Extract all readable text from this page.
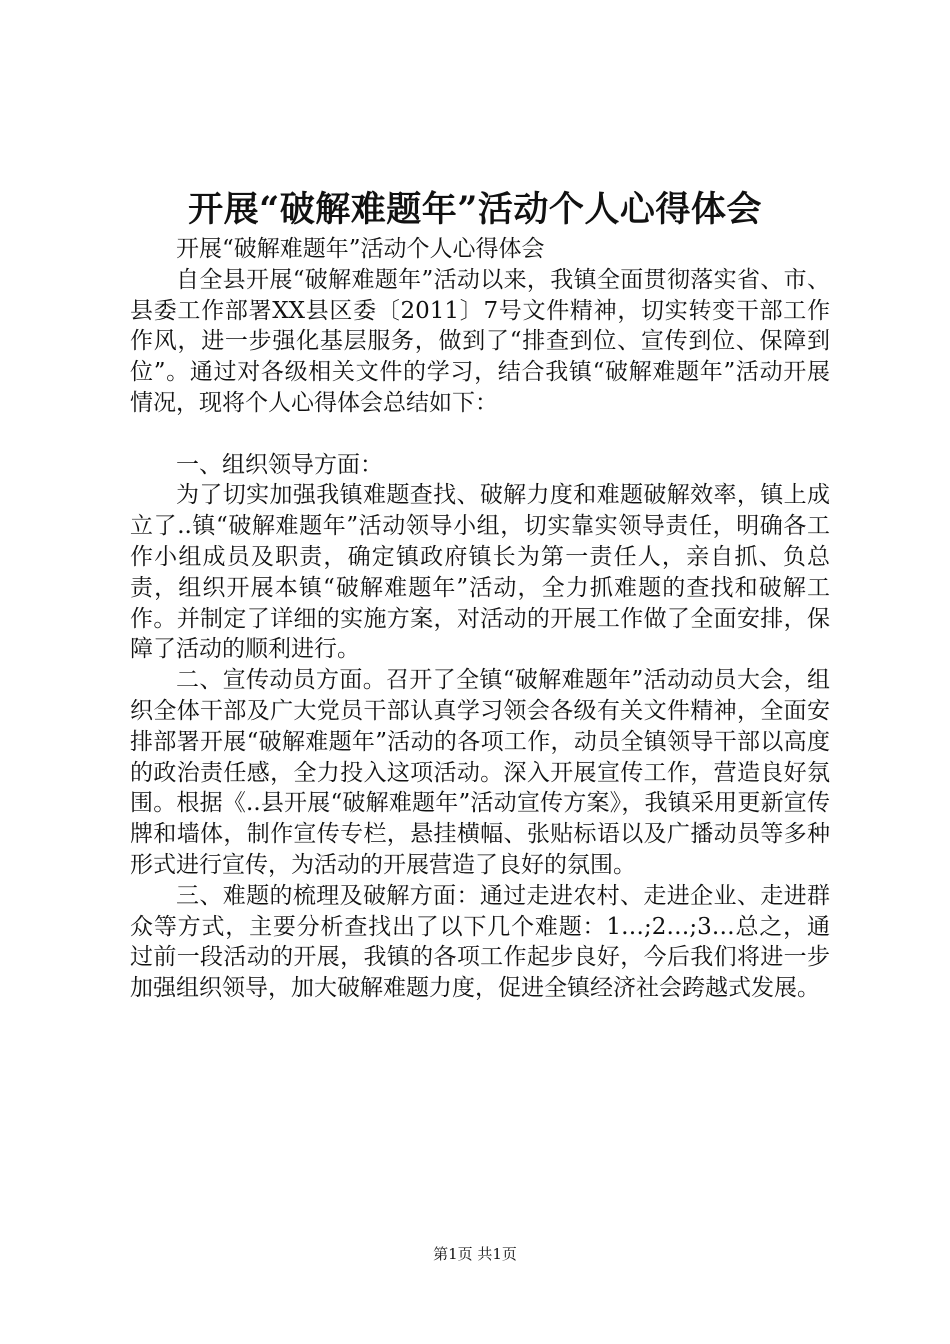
开展“破解难题年”活动个人心得体会

开展“破解难题年”活动个人心得体会

自全县开展“破解难题年”活动以来，我镇全面贯彻落实省、市、县委工作部署XX县区委〔2011〕7号文件精神，切实转变干部工作作风，进一步强化基层服务，做到了“排查到位、宣传到位、保障到位”。通过对各级相关文件的学习，结合我镇“破解难题年”活动开展情况，现将个人心得体会总结如下：

一、组织领导方面：

为了切实加强我镇难题查找、破解力度和难题破解效率，镇上成立了..镇“破解难题年”活动领导小组，切实靠实领导责任，明确各工作小组成员及职责，确定镇政府镇长为第一责任人，亲自抓、负总责，组织开展本镇“破解难题年”活动，全力抓难题的查找和破解工作。并制定了详细的实施方案，对活动的开展工作做了全面安排，保障了活动的顺利进行。

二、宣传动员方面。召开了全镇“破解难题年”活动动员大会，组织全体干部及广大党员干部认真学习领会各级有关文件精神，全面安排部署开展“破解难题年”活动的各项工作，动员全镇领导干部以高度的政治责任感，全力投入这项活动。深入开展宣传工作，营造良好氛围。根据《..县开展“破解难题年”活动宣传方案》，我镇采用更新宣传牌和墙体，制作宣传专栏，悬挂横幅、张贴标语以及广播动员等多种形式进行宣传，为活动的开展营造了良好的氛围。

三、难题的梳理及破解方面：通过走进农村、走进企业、走进群众等方式，主要分析查找出了以下几个难题：1…;2…;3…总之，通过前一段活动的开展，我镇的各项工作起步良好，今后我们将进一步加强组织领导，加大破解难题力度，促进全镇经济社会跨越式发展。

第1页 共1页
